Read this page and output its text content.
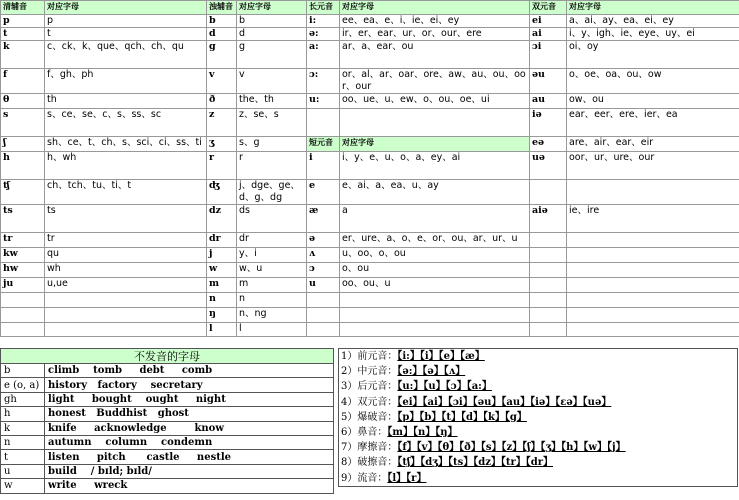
清辅音	对应字母	浊辅音	对应字母	长元音	对应字母	双元音	对应字母
p	p	b	b	i:	ee、ea、e、i、ie、ei、ey	ei	a、ai、ay、ea、ei、ey
t	t	d	d	ə:	ir、er、ear、ur、or、our、ere	ai	i、y、igh、ie、eye、uy、ei
k	c、ck、k、que、qch、ch、qu	g	g	a:	ar、a、ear、ou	ɔi	oi、oy
f	f、gh、ph	v	v	ɔ:	or、al、ar、oar、ore、aw、au、ou、oor、our	əu	o、oe、oa、ou、ow
θ	th	ð	the、th	u:	oo、ue、u、ew、o、ou、oe、ui	au	ow、ou
s	s、ce、se、c、s、ss、sc	z	z、se、s			iə	ear、eer、ere、ier、ea
ʃ	sh、ce、t、ch、s、sci、ci、ss、ti	ʒ	s、g	短元音	对应字母	eə	are、air、ear、eir
h	h、wh	r	r	i	i、y、e、u、o、a、ey、ai	uə	oor、ur、ure、our
ʧ	ch、tch、tu、ti、t	ʤ	j、dge、ge、d、g、dg	e	e、ai、a、ea、u、ay		
ts	ts	dz	ds	æ	a	aiə	ie、ire
tr	tr	dr	dr	ə	er、ure、a、o、e、or、ou、ar、ur、u		
kw	qu	j	y、i	ʌ	u、oo、o、ou		
hw	wh	w	w、u	ɔ	o、ou		
ju	u,ue	m	m	u	oo、ou、u		
		n	n				
		ŋ	n、ng				
		l	l				
不发音的字母	
b	climb    tomb     debt     comb
e (o, a)	history   factory    secretary
gh	light     bought    ought     night
h	honest   Buddhist   ghost
k	knife     acknowledge        know
n	autumn    column    condemn
t	listen     pitch      castle     nestle
u	build    / bɪld; bɪld/
w	write     wreck
1）前元音：【i:】【i】【e】【æ】
2）中元音：【ə:】【ə】【ʌ】
3）后元音：【u:】【u】【ɔ】【a:】
4）双元音：【ei】【ai】【ɔi】【əu】【au】【iə】【εə】【uə】
5）爆破音：【p】【b】【t】【d】【k】【g】
6）鼻音：【m】【n】【ŋ】
7）摩擦音：【f】【v】【θ】【ð】【s】【z】【ʃ】【ʒ】【h】【w】【j】
8）破擦音：【tʃ】【dʒ】【ts】【dz】【tr】【dr】
9）流音：【l】【r】
